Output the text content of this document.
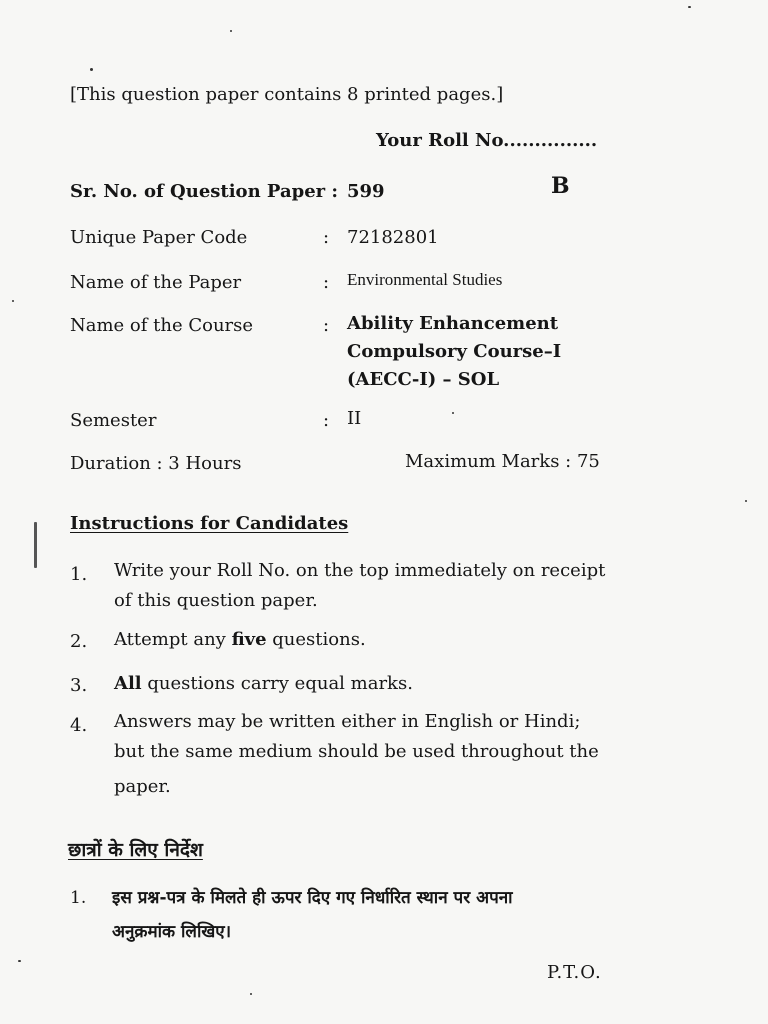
[This question paper contains 8 printed pages.]
Your Roll No...............
Sr. No. of Question Paper : 599	B
Unique Paper Code	: 72182801
Name of the Paper	: Environmental Studies
Name of the Course	: Ability Enhancement
Compulsory Course–I
(AECC-I) – SOL
Semester	: II
Duration : 3 Hours	Maximum Marks : 75
Instructions for Candidates
1. Write your Roll No. on the top immediately on receipt
of this question paper.
2. Attempt any five questions.
3. All questions carry equal marks.
4. Answers may be written either in English or Hindi;
but the same medium should be used throughout the
paper.
छात्रों के लिए निर्देश
1. इस प्रश्न-पत्र के मिलते ही ऊपर दिए गए निर्धारित स्थान पर अपना
अनुक्रमांक लिखिए।
P.T.O.
